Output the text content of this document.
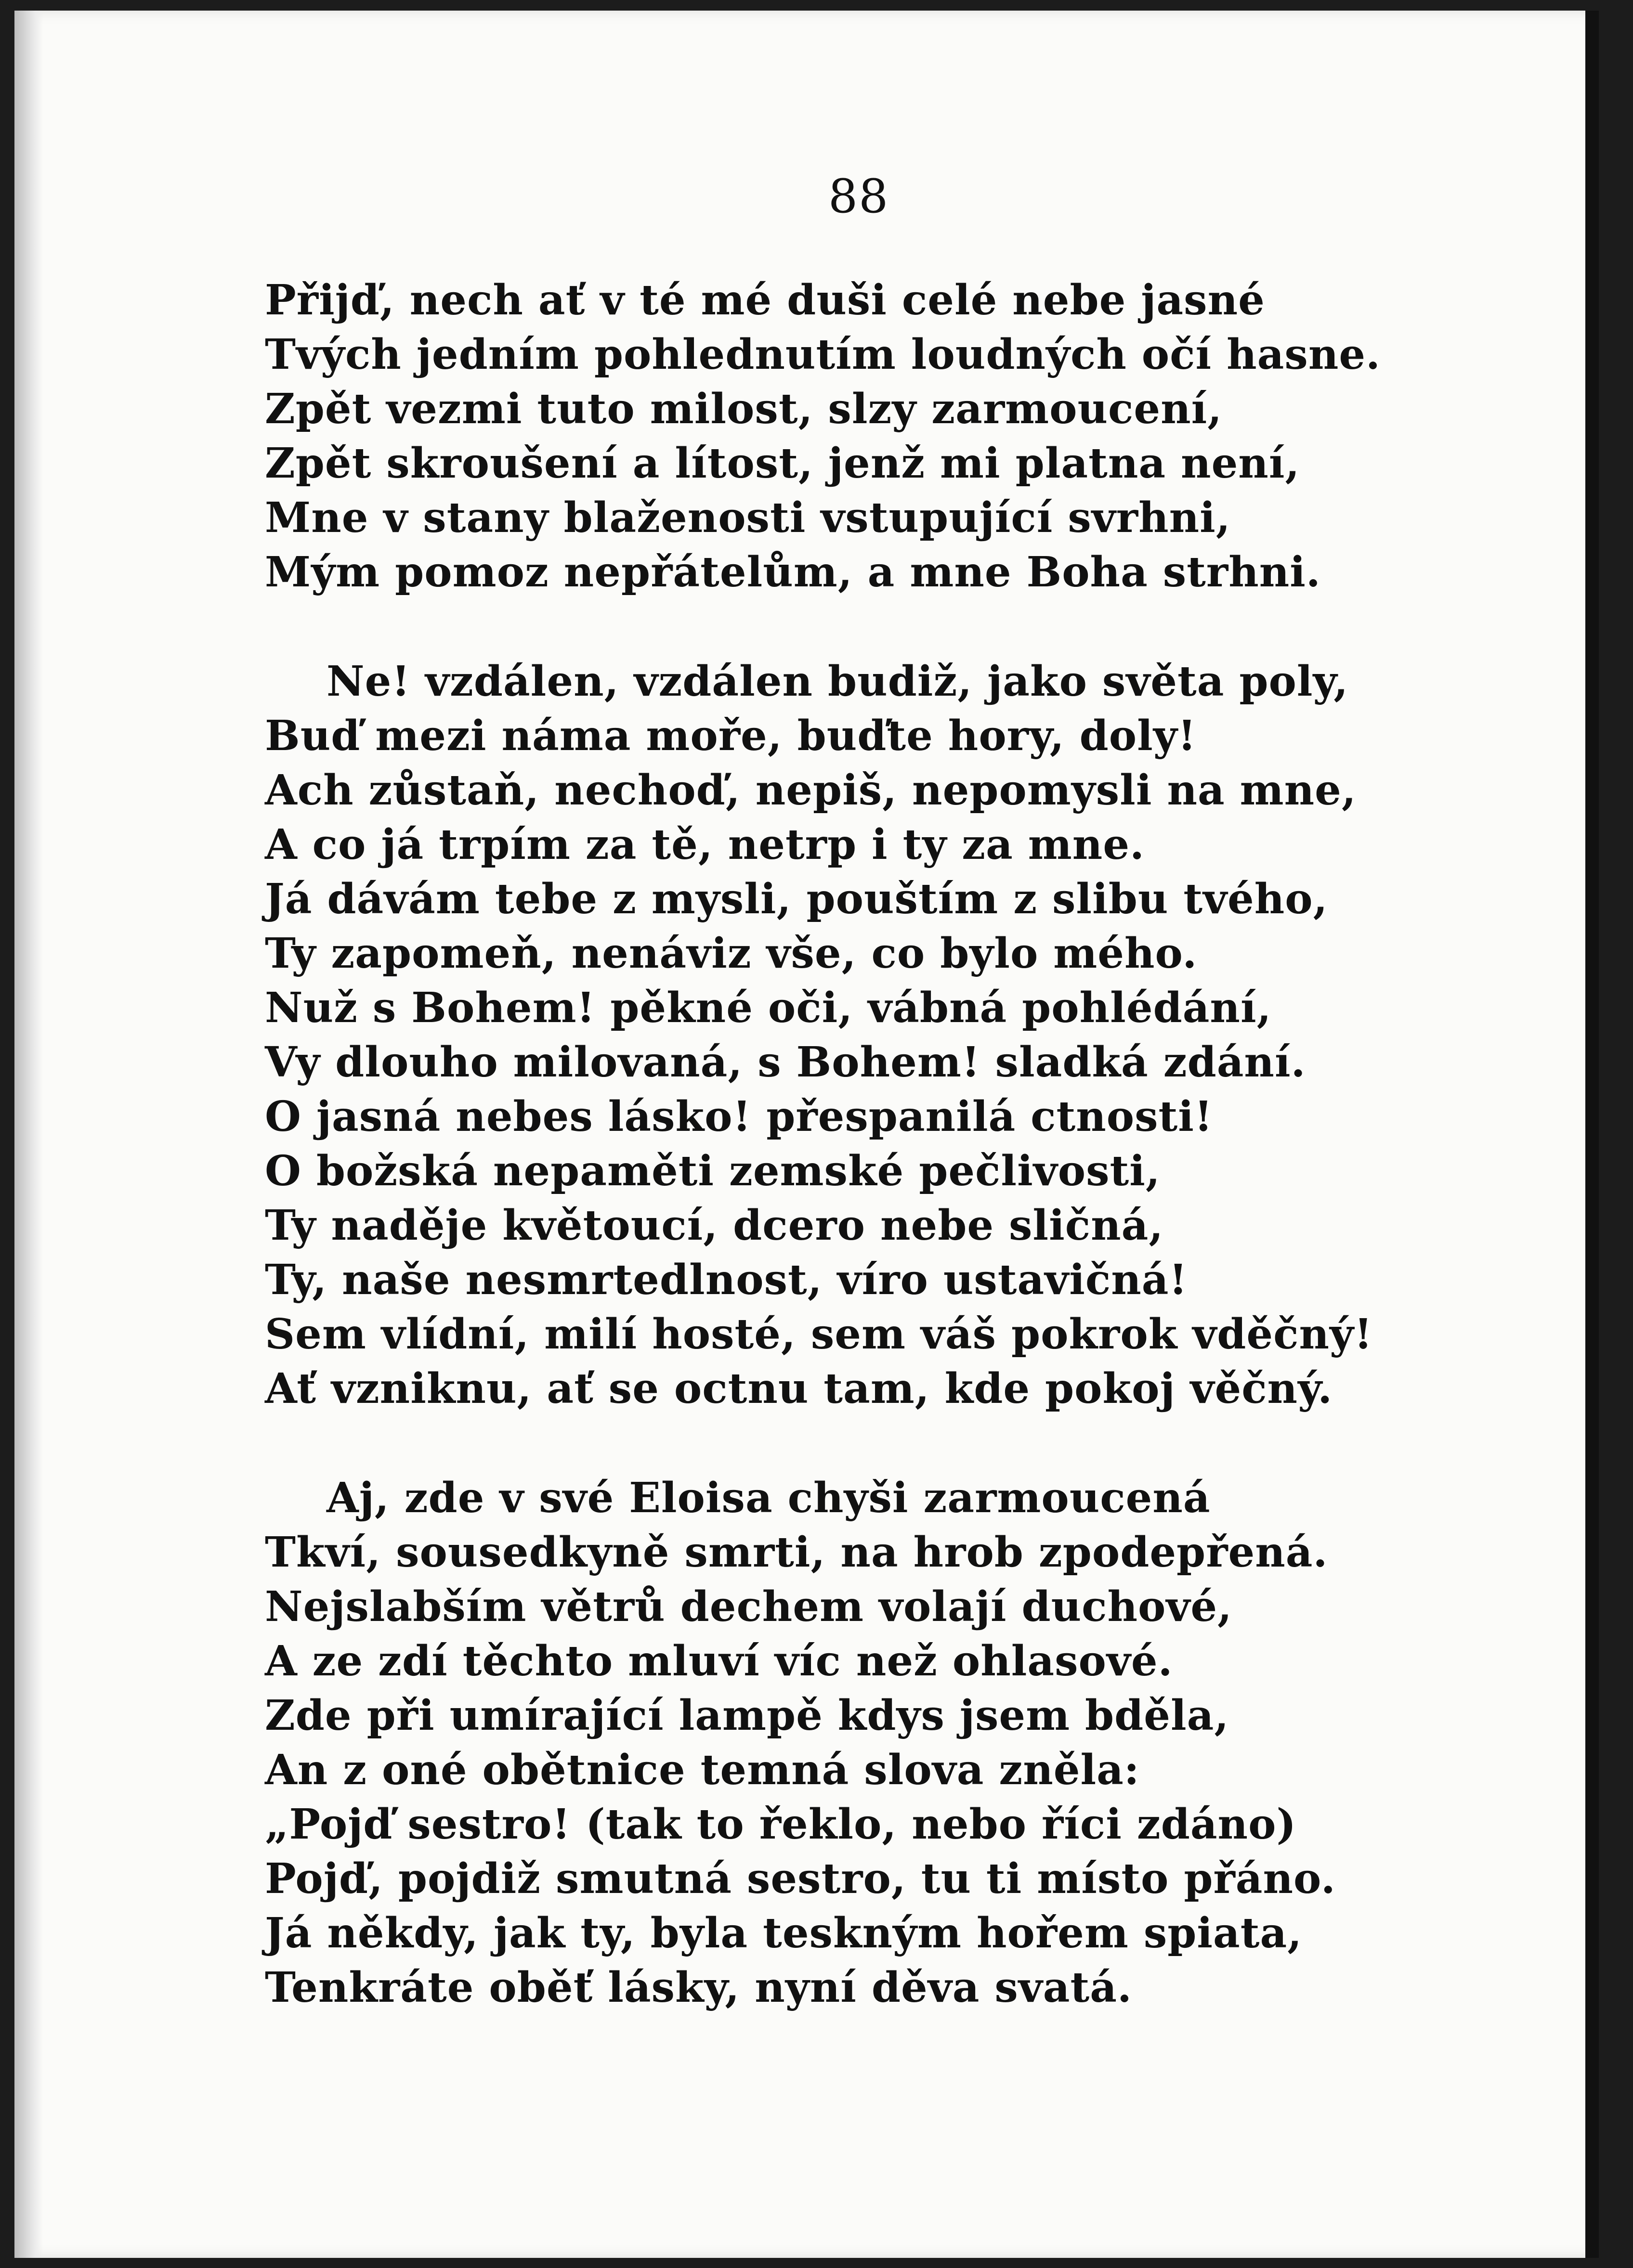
88
Přijď, nech ať v té mé duši celé nebe jasné
Tvých jedním pohlednutím loudných očí hasne.
Zpět vezmi tuto milost, slzy zarmoucení,
Zpět skroušení a lítost, jenž mi platna není,
Mne v stany blaženosti vstupující svrhni,
Mým pomoz nepřátelům, a mne Boha strhni.
Ne! vzdálen, vzdálen budiž, jako světa poly,
Buď mezi náma moře, buďte hory, doly!
Ach zůstaň, nechoď, nepiš, nepomysli na mne,
A co já trpím za tě, netrp i ty za mne.
Já dávám tebe z mysli, pouštím z slibu tvého,
Ty zapomeň, nenáviz vše, co bylo mého.
Nuž s Bohem! pěkné oči, vábná pohlédání,
Vy dlouho milovaná, s Bohem! sladká zdání.
O jasná nebes lásko! přespanilá ctnosti!
O božská nepaměti zemské pečlivosti,
Ty naděje květoucí, dcero nebe sličná,
Ty, naše nesmrtedlnost, víro ustavičná!
Sem vlídní, milí hosté, sem váš pokrok vděčný!
Ať vzniknu, ať se octnu tam, kde pokoj věčný.
Aj, zde v své Eloisa chyši zarmoucená
Tkví, sousedkyně smrti, na hrob zpodepřená.
Nejslabším větrů dechem volají duchové,
A ze zdí těchto mluví víc než ohlasové.
Zde při umírající lampě kdys jsem bděla,
An z oné obětnice temná slova zněla:
„Pojď sestro! (tak to řeklo, nebo říci zdáno)
Pojď, pojdiž smutná sestro, tu ti místo přáno.
Já někdy, jak ty, byla teskným hořem spiata,
Tenkráte oběť lásky, nyní děva svatá.
